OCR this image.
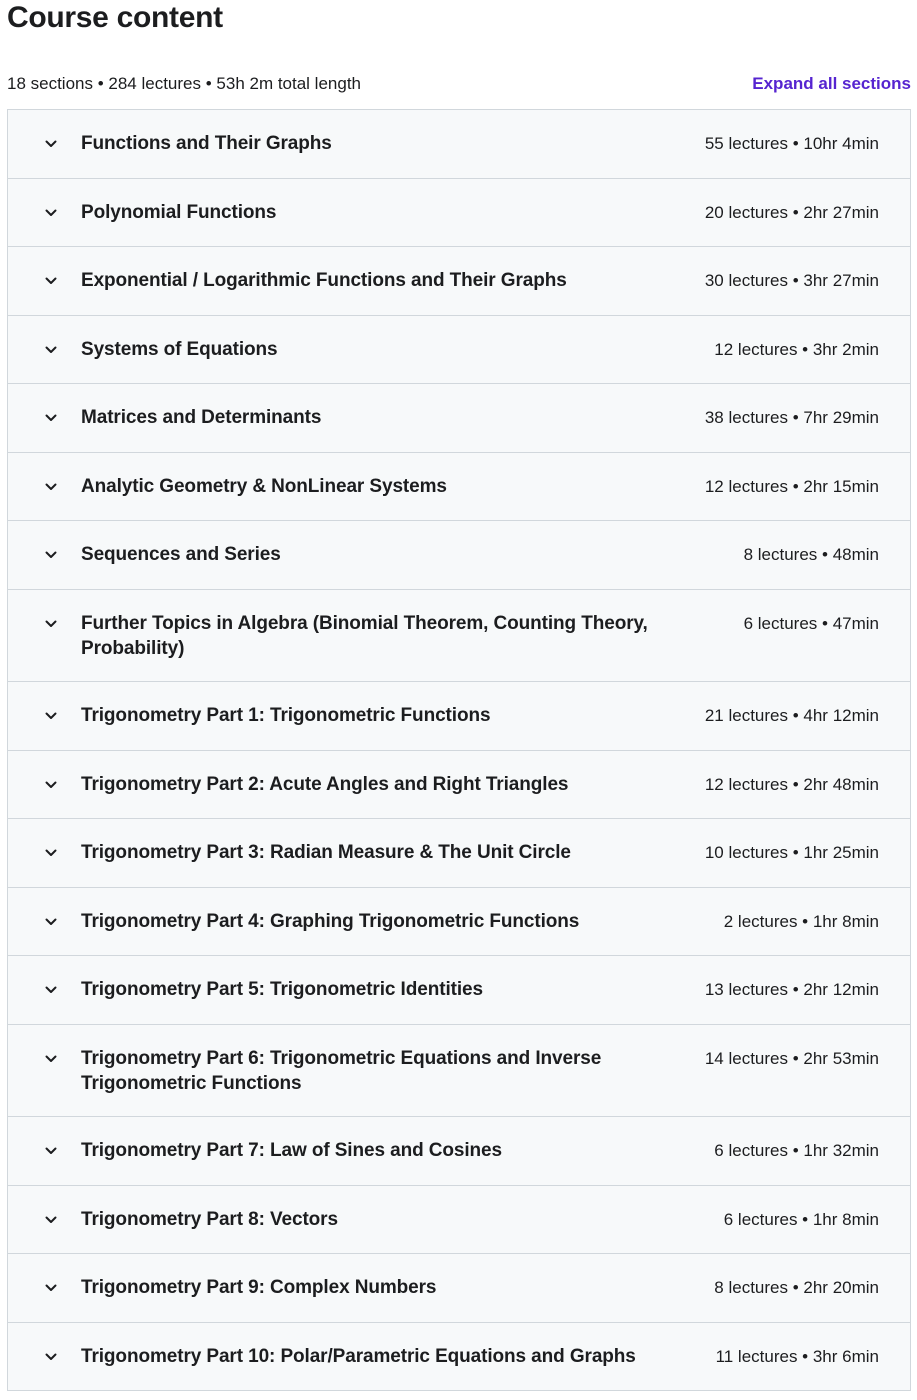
Course content
18 sections • 284 lectures • 53h 2m total length	Expand all sections
Functions and Their Graphs	55 lectures • 10hr 4min
Polynomial Functions	20 lectures • 2hr 27min
Exponential / Logarithmic Functions and Their Graphs	30 lectures • 3hr 27min
Systems of Equations	12 lectures • 3hr 2min
Matrices and Determinants	38 lectures • 7hr 29min
Analytic Geometry & NonLinear Systems	12 lectures • 2hr 15min
Sequences and Series	8 lectures • 48min
Further Topics in Algebra (Binomial Theorem, Counting Theory, Probability)
6 lectures • 47min
Trigonometry Part 1: Trigonometric Functions	21 lectures • 4hr 12min
Trigonometry Part 2: Acute Angles and Right Triangles	12 lectures • 2hr 48min
Trigonometry Part 3: Radian Measure & The Unit Circle	10 lectures • 1hr 25min
Trigonometry Part 4: Graphing Trigonometric Functions	2 lectures • 1hr 8min
Trigonometry Part 5: Trigonometric Identities	13 lectures • 2hr 12min
Trigonometry Part 6: Trigonometric Equations and Inverse Trigonometric Functions
14 lectures • 2hr 53min
Trigonometry Part 7: Law of Sines and Cosines	6 lectures • 1hr 32min
Trigonometry Part 8: Vectors	6 lectures • 1hr 8min
Trigonometry Part 9: Complex Numbers	8 lectures • 2hr 20min
Trigonometry Part 10: Polar/Parametric Equations and Graphs	11 lectures • 3hr 6min
